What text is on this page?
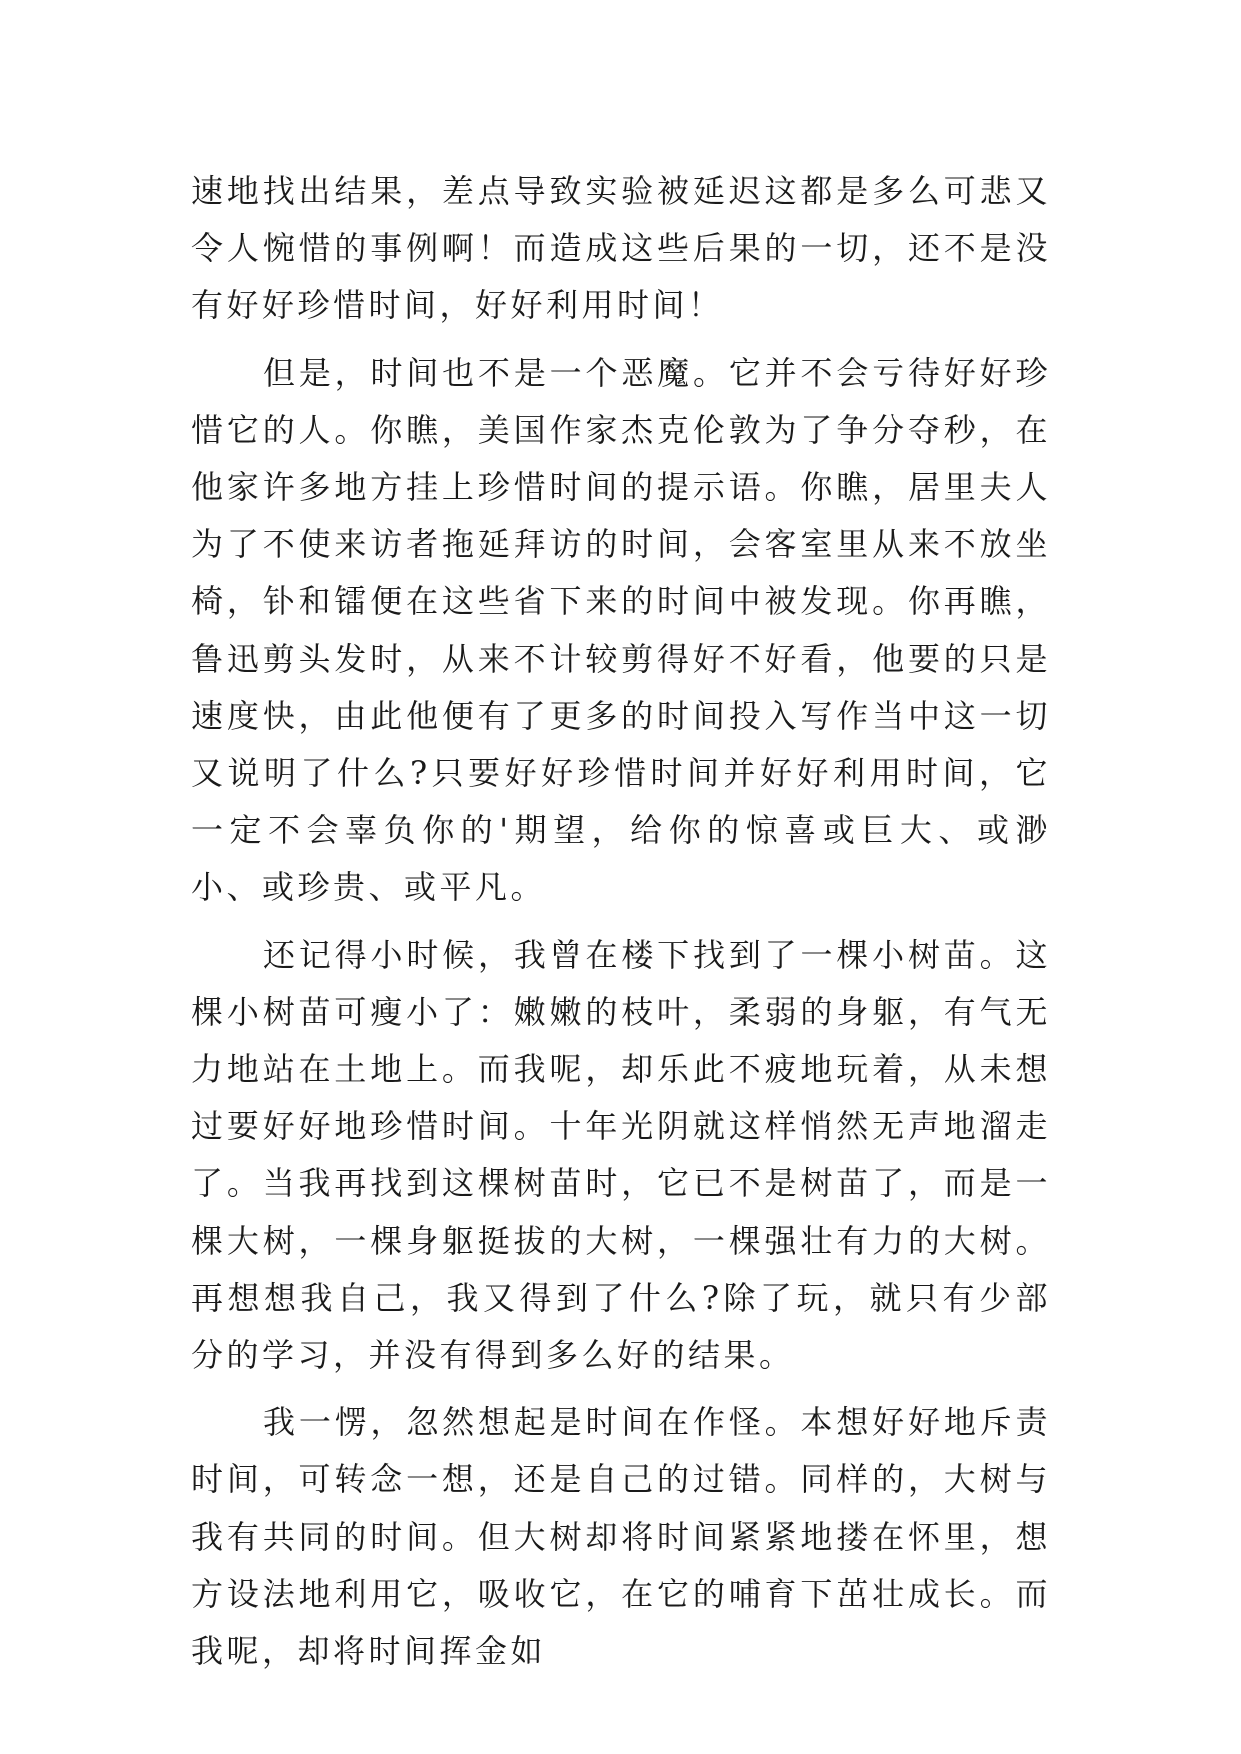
速地找出结果，差点导致实验被延迟这都是多么可悲又令人惋惜的事例啊！而造成这些后果的一切，还不是没有好好珍惜时间，好好利用时间！

但是，时间也不是一个恶魔。它并不会亏待好好珍惜它的人。你瞧，美国作家杰克伦敦为了争分夺秒，在他家许多地方挂上珍惜时间的提示语。你瞧，居里夫人为了不使来访者拖延拜访的时间，会客室里从来不放坐椅，钋和镭便在这些省下来的时间中被发现。你再瞧，鲁迅剪头发时，从来不计较剪得好不好看，他要的只是速度快，由此他便有了更多的时间投入写作当中这一切又说明了什么?只要好好珍惜时间并好好利用时间，它一定不会辜负你的'期望，给你的惊喜或巨大、或渺小、或珍贵、或平凡。

还记得小时候，我曾在楼下找到了一棵小树苗。这棵小树苗可瘦小了：嫩嫩的枝叶，柔弱的身躯，有气无力地站在土地上。而我呢，却乐此不疲地玩着，从未想过要好好地珍惜时间。十年光阴就这样悄然无声地溜走了。当我再找到这棵树苗时，它已不是树苗了，而是一棵大树，一棵身躯挺拔的大树，一棵强壮有力的大树。再想想我自己，我又得到了什么?除了玩，就只有少部分的学习，并没有得到多么好的结果。

我一愣，忽然想起是时间在作怪。本想好好地斥责时间，可转念一想，还是自己的过错。同样的，大树与我有共同的时间。但大树却将时间紧紧地搂在怀里，想方设法地利用它，吸收它，在它的哺育下茁壮成长。而我呢，却将时间挥金如
